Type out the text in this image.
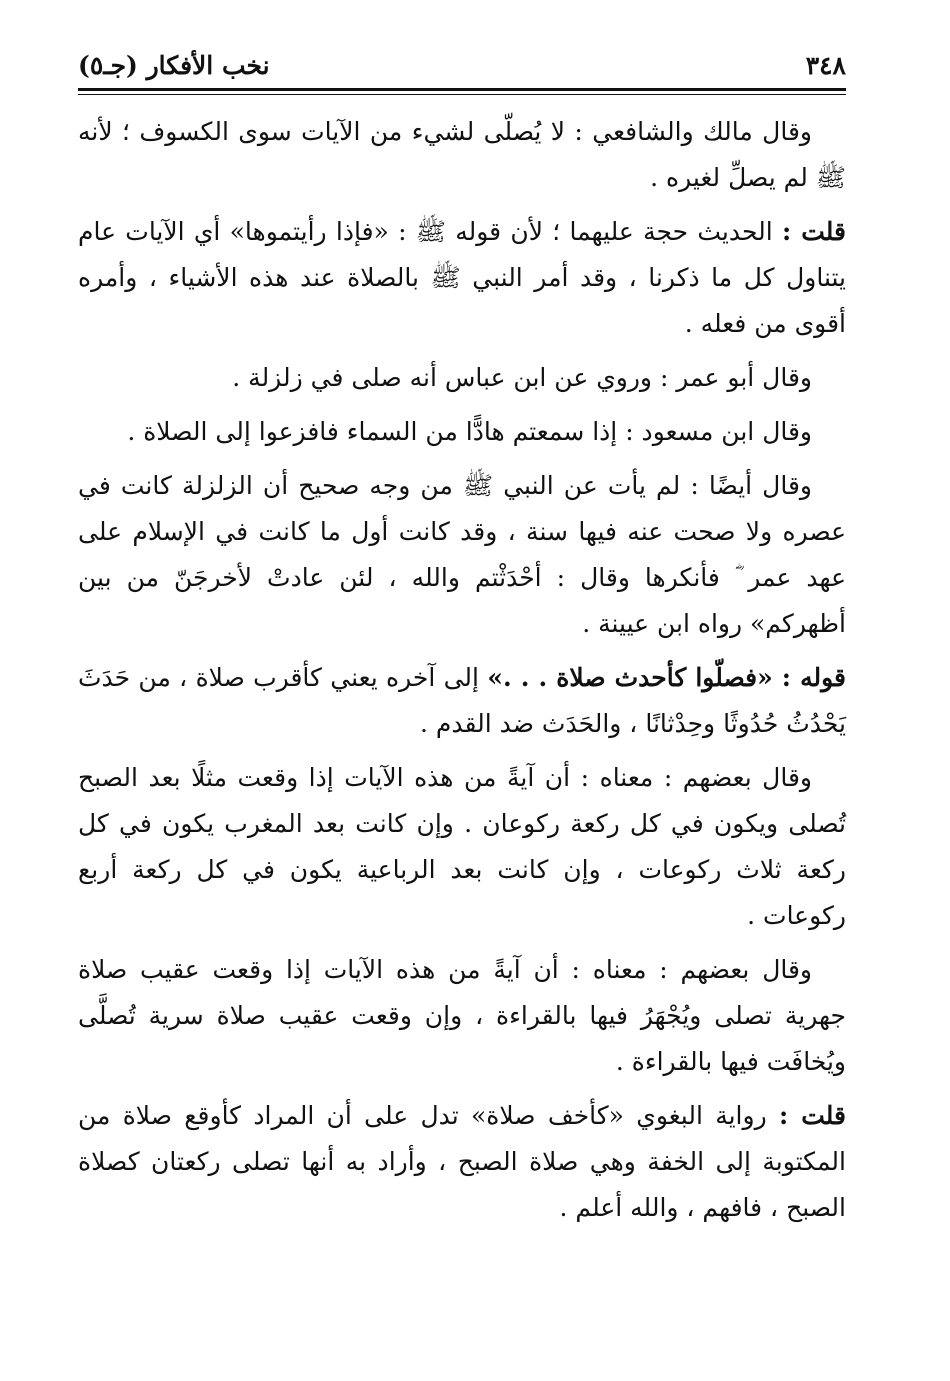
٣٤٨
نخب الأفكار (جـ٥)

وقال مالك والشافعي : لا يُصلّى لشيء من الآيات سوى الكسوف ؛ لأنه ﷺ لم يصلِّ لغيره .

قلت : الحديث حجة عليهما ؛ لأن قوله ﷺ : «فإذا رأيتموها» أي الآيات عام يتناول كل ما ذكرنا ، وقد أمر النبي ﷺ بالصلاة عند هذه الأشياء ، وأمره أقوى من فعله .

وقال أبو عمر : وروي عن ابن عباس أنه صلى في زلزلة .

وقال ابن مسعود : إذا سمعتم هادًّا من السماء فافزعوا إلى الصلاة .

وقال أيضًا : لم يأت عن النبي ﷺ من وجه صحيح أن الزلزلة كانت في عصره ولا صحت عنه فيها سنة ، وقد كانت أول ما كانت في الإسلام على عهد عمر ؓ فأنكرها وقال : أحْدَثْتم والله ، لئن عادتْ لأخرجَنّ من بين أظهركم» رواه ابن عيينة .

قوله : «فصلّوا كأحدث صلاة . . .» إلى آخره يعني كأقرب صلاة ، من حَدَثَ يَحْدُثُ حُدُوثًا وحِدْثانًا ، والحَدَث ضد القدم .

وقال بعضهم : معناه : أن آيةً من هذه الآيات إذا وقعت مثلًا بعد الصبح تُصلى ويكون في كل ركعة ركوعان . وإن كانت بعد المغرب يكون في كل ركعة ثلاث ركوعات ، وإن كانت بعد الرباعية يكون في كل ركعة أربع ركوعات .

وقال بعضهم : معناه : أن آيةً من هذه الآيات إذا وقعت عقيب صلاة جهرية تصلى ويُجْهَرُ فيها بالقراءة ، وإن وقعت عقيب صلاة سرية تُصلَّى ويُخافَت فيها بالقراءة .

قلت : رواية البغوي «كأخف صلاة» تدل على أن المراد كأوقع صلاة من المكتوبة إلى الخفة وهي صلاة الصبح ، وأراد به أنها تصلى ركعتان كصلاة الصبح ، فافهم ، والله أعلم .
